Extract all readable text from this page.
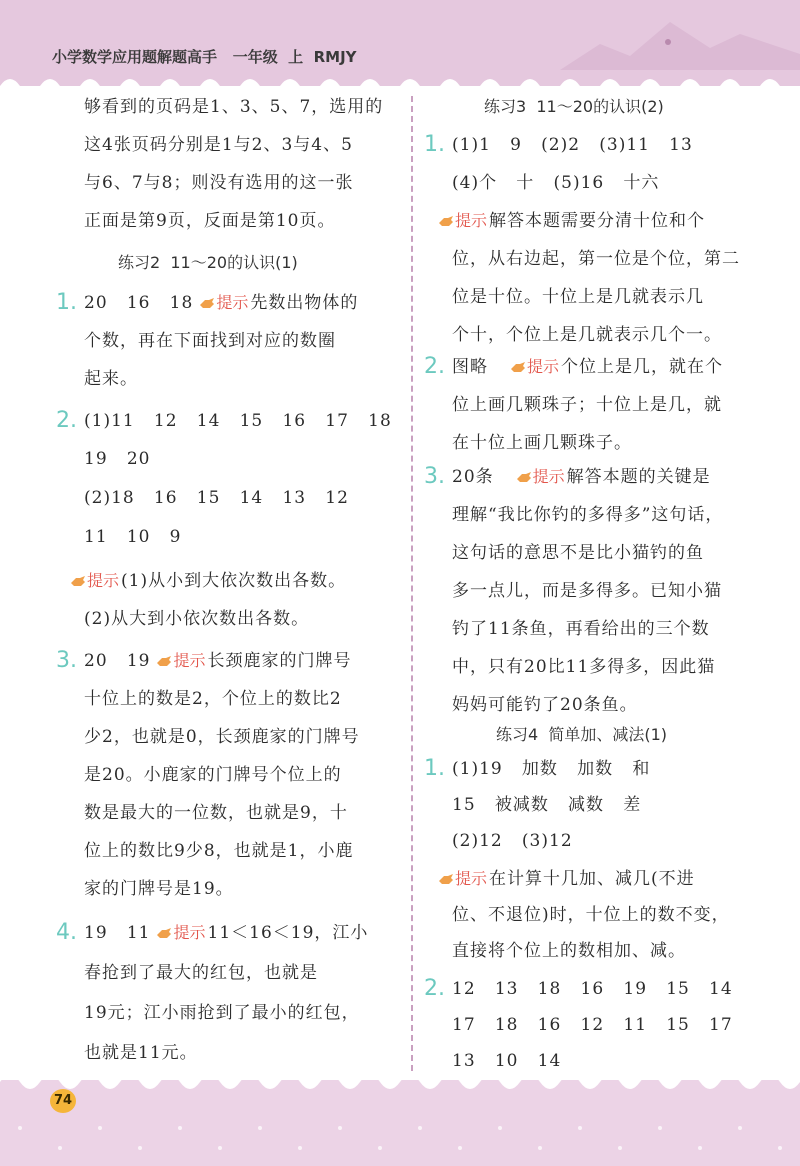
小学数学应用题解题高手 一年级 上 RMJY
够看到的页码是1、3、5、7，选用的
这4张页码分别是1与2、3与4、5
与6、7与8；则没有选用的这一张
正面是第9页，反面是第10页。
练习2  11～20的认识(1)
1. 20   16   18 提示 先数出物体的
个数，再在下面找到对应的数圈
起来。
2. (1)11   12   14   15   16   17   18
19   20
(2)18   16   15   14   13   12
11   10   9
提示 (1)从小到大依次数出各数。
(2)从大到小依次数出各数。
3. 20   19 提示 长颈鹿家的门牌号
十位上的数是2，个位上的数比2
少2，也就是0，长颈鹿家的门牌号
是20。小鹿家的门牌号个位上的
数是最大的一位数，也就是9，十
位上的数比9少8，也就是1，小鹿
家的门牌号是19。
4. 19   11 提示 11＜16＜19，江小
春抢到了最大的红包，也就是
19元；江小雨抢到了最小的红包，
也就是11元。
练习3  11～20的认识(2)
1. (1)1   9   (2)2   (3)11   13
(4)个   十   (5)16   十六
提示 解答本题需要分清十位和个
位，从右边起，第一位是个位，第二
位是十位。十位上是几就表示几
个十，个位上是几就表示几个一。
2. 图略 提示 个位上是几，就在个
位上画几颗珠子；十位上是几，就
在十位上画几颗珠子。
3. 20条 提示 解答本题的关键是
理解“我比你钓的多得多”这句话，
这句话的意思不是比小猫钓的鱼
多一点儿，而是多得多。已知小猫
钓了11条鱼，再看给出的三个数
中，只有20比11多得多，因此猫
妈妈可能钓了20条鱼。
练习4  简单加、减法(1)
1. (1)19   加数   加数   和
15   被减数   减数   差
(2)12   (3)12
提示 在计算十几加、减几(不进
位、不退位)时，十位上的数不变，
直接将个位上的数相加、减。
2. 12   13   18   16   19   15   14
17   18   16   12   11   15   17
13   10   14
74
